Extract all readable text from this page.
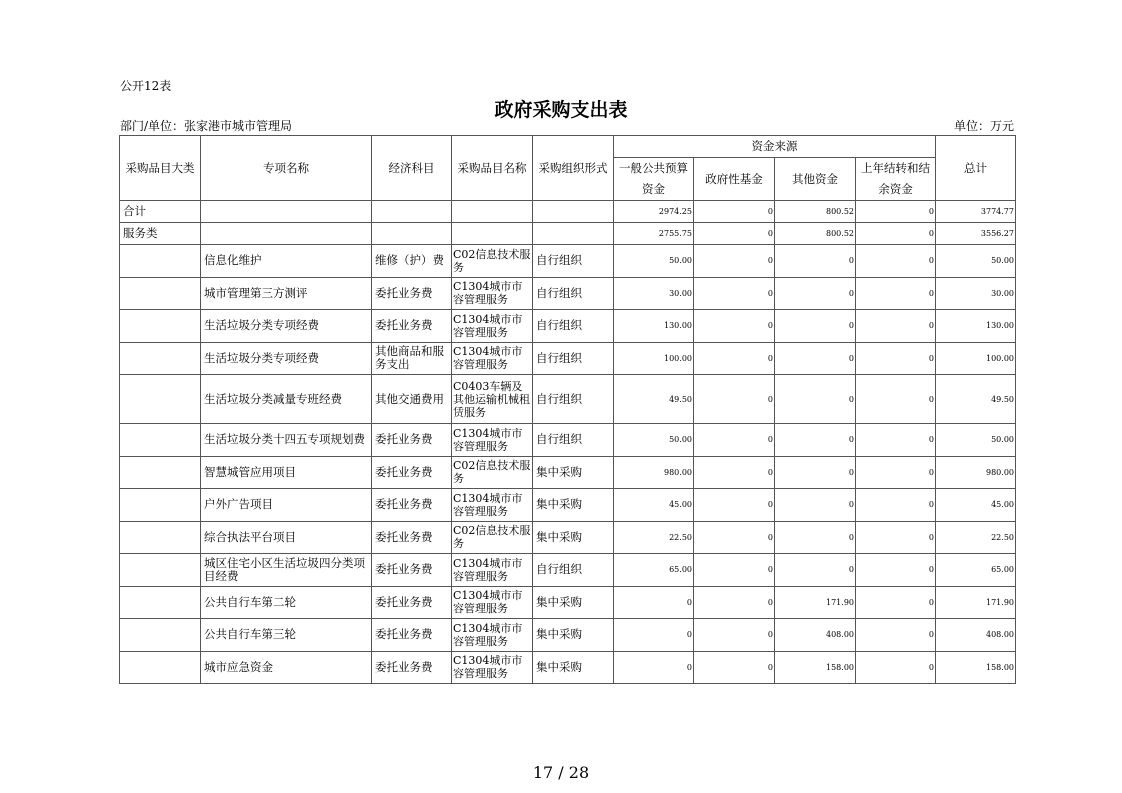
公开12表
政府采购支出表
部门/单位：张家港市城市管理局	单位：万元
采购品目大类	专项名称	经济科目	采购品目名称	采购组织形式	资金来源				总计
					一般公共预算资金	政府性基金	其他资金	上年结转和结余资金	
合计					2974.25	0	800.52	0	3774.77
服务类					2755.75	0	800.52	0	3556.27
	信息化维护	维修（护）费	C02信息技术服务	自行组织	50.00	0	0	0	50.00
	城市管理第三方测评	委托业务费	C1304城市市容管理服务	自行组织	30.00	0	0	0	30.00
	生活垃圾分类专项经费	委托业务费	C1304城市市容管理服务	自行组织	130.00	0	0	0	130.00
	生活垃圾分类专项经费	其他商品和服务支出	C1304城市市容管理服务	自行组织	100.00	0	0	0	100.00
	生活垃圾分类减量专班经费	其他交通费用	C0403车辆及其他运输机械租赁服务	自行组织	49.50	0	0	0	49.50
	生活垃圾分类十四五专项规划费	委托业务费	C1304城市市容管理服务	自行组织	50.00	0	0	0	50.00
	智慧城管应用项目	委托业务费	C02信息技术服务	集中采购	980.00	0	0	0	980.00
	户外广告项目	委托业务费	C1304城市市容管理服务	集中采购	45.00	0	0	0	45.00
	综合执法平台项目	委托业务费	C02信息技术服务	集中采购	22.50	0	0	0	22.50
	城区住宅小区生活垃圾四分类项目经费	委托业务费	C1304城市市容管理服务	自行组织	65.00	0	0	0	65.00
	公共自行车第二轮	委托业务费	C1304城市市容管理服务	集中采购	0	0	171.90	0	171.90
	公共自行车第三轮	委托业务费	C1304城市市容管理服务	集中采购	0	0	408.00	0	408.00
	城市应急资金	委托业务费	C1304城市市容管理服务	集中采购	0	0	158.00	0	158.00
17 / 28
